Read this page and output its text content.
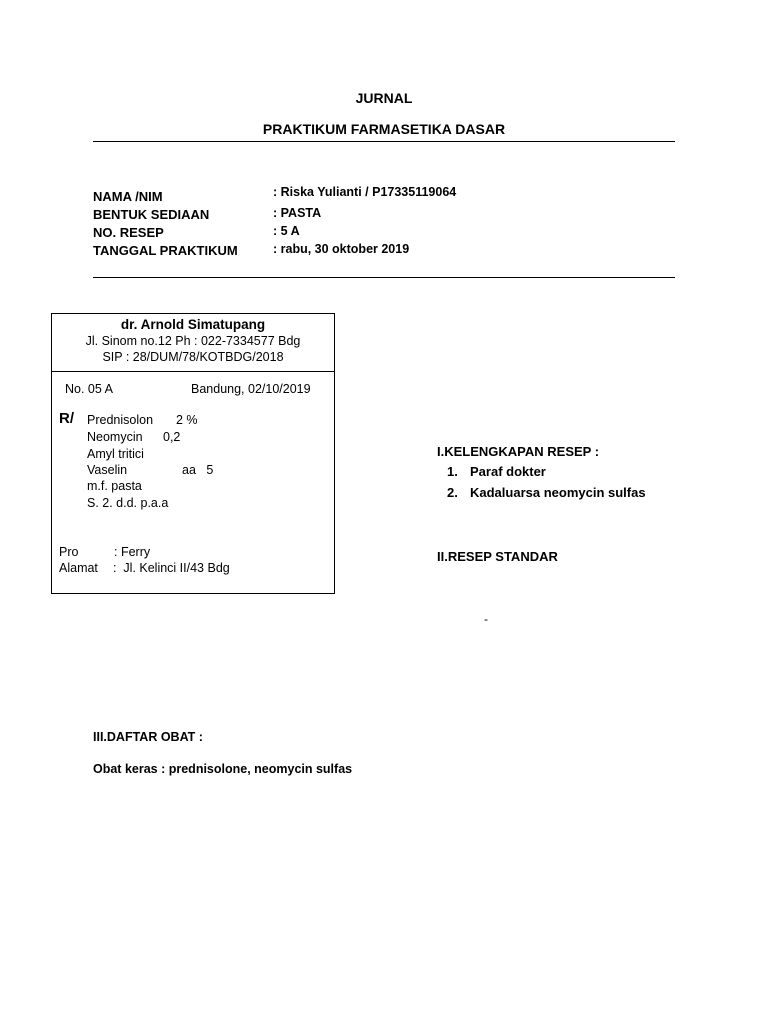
JURNAL
PRAKTIKUM FARMASETIKA DASAR
NAMA /NIM	: Riska Yulianti / P17335119064
BENTUK SEDIAAN	: PASTA
NO. RESEP	: 5 A
TANGGAL PRAKTIKUM	: rabu, 30 oktober 2019
dr. Arnold Simatupang
Jl. Sinom no.12 Ph : 022-7334577 Bdg
SIP : 28/DUM/78/KOTBDG/2018
No. 05 A	Bandung, 02/10/2019
R/ Prednisolon 2 %
Neomycin 0,2
Amyl tritici
Vaselin	aa   5
m.f. pasta
S. 2. d.d. p.a.a
Pro	: Ferry
Alamat :  Jl. Kelinci II/43 Bdg
I.KELENGKAPAN RESEP :
1. Paraf dokter
2. Kadaluarsa neomycin sulfas
II.RESEP STANDAR
-
III.DAFTAR OBAT :
Obat keras : prednisolone, neomycin sulfas
